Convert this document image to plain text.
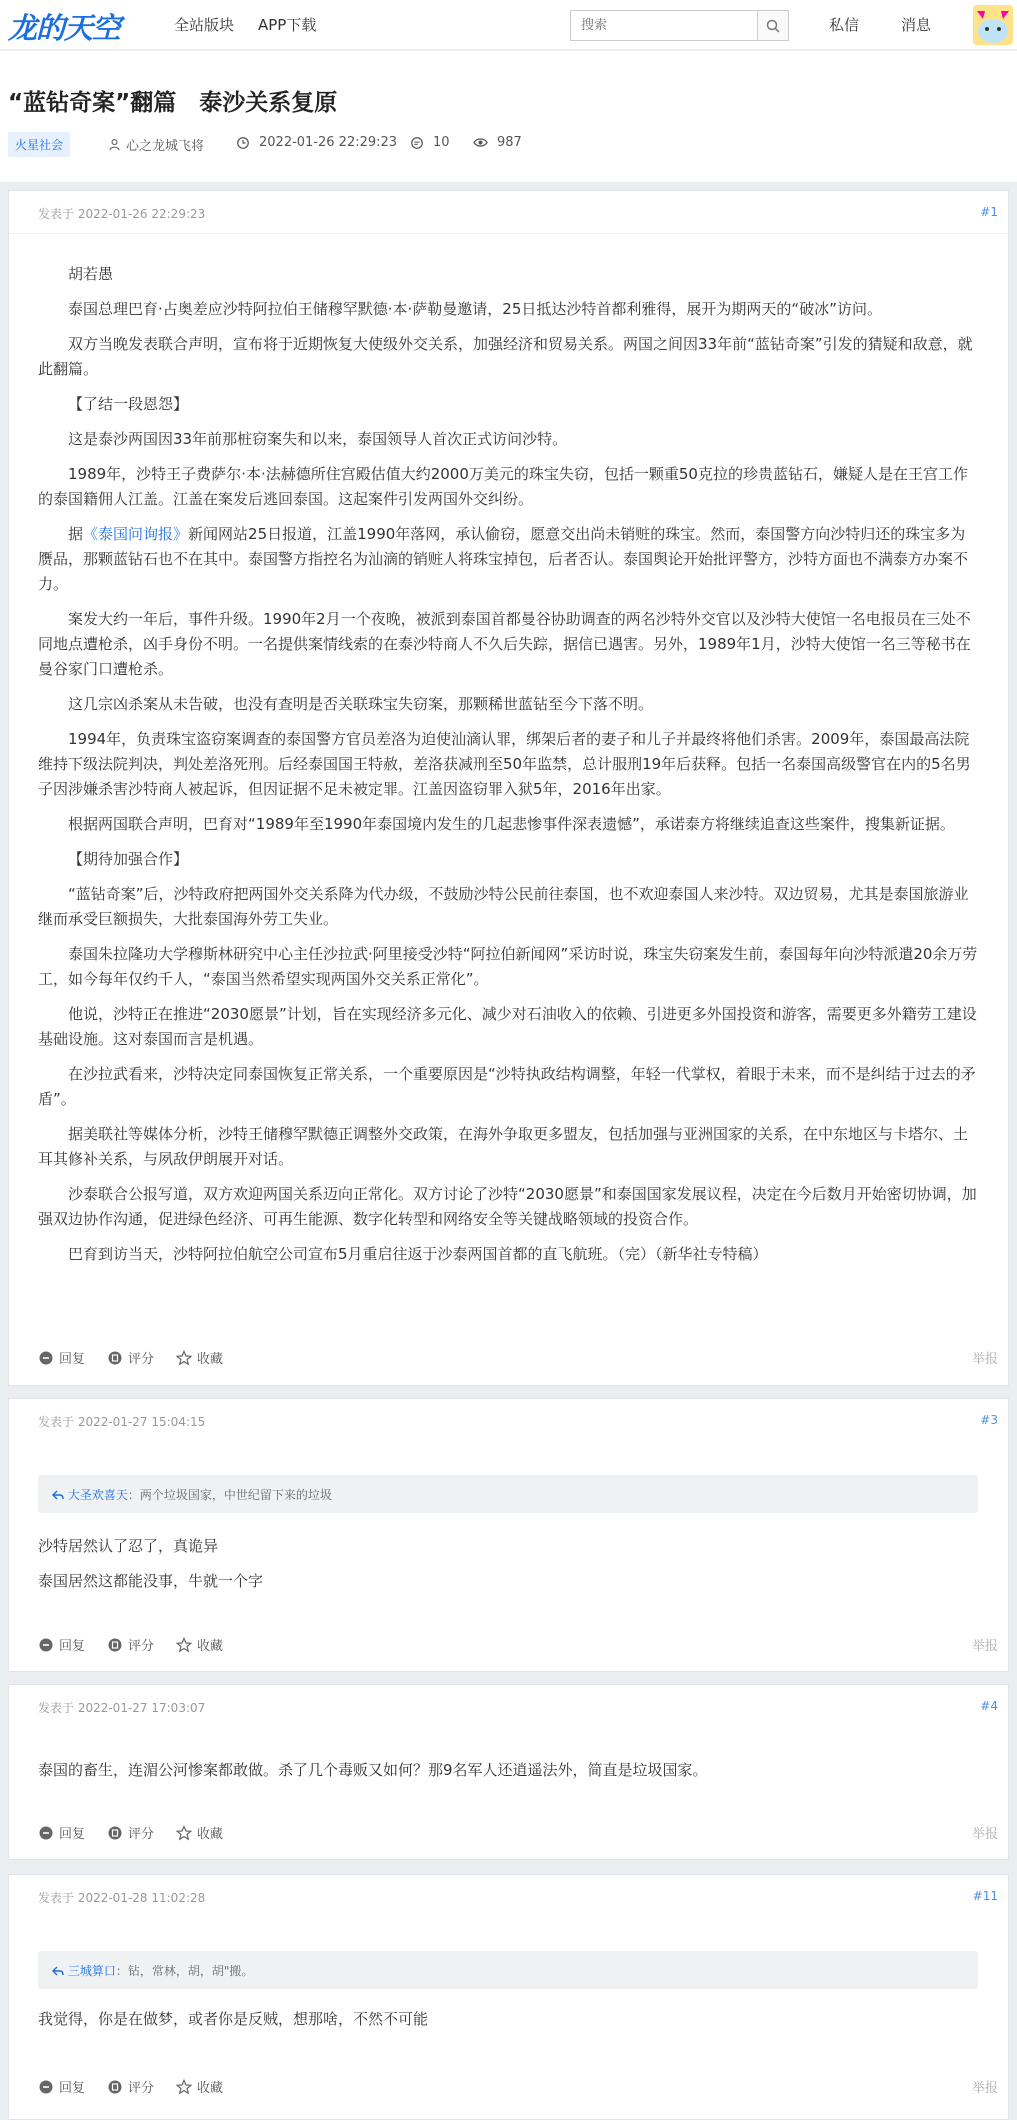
龙的天空	全站版块 APP下载
搜索	私信	消息
“蓝钻奇案”翻篇　泰沙关系复原
火星社会	心之龙城飞将	2022-01-26 22:29:23	10	987
发表于 2022-01-26 22:29:23	#1

胡若愚

泰国总理巴育·占奥差应沙特阿拉伯王储穆罕默德·本·萨勒曼邀请，25日抵达沙特首都利雅得，展开为期两天的“破冰”访问。

双方当晚发表联合声明，宣布将于近期恢复大使级外交关系，加强经济和贸易关系。两国之间因33年前“蓝钻奇案”引发的猜疑和敌意，就此翻篇。

【了结一段恩怨】

这是泰沙两国因33年前那桩窃案失和以来，泰国领导人首次正式访问沙特。

1989年，沙特王子费萨尔·本·法赫德所住宫殿估值大约2000万美元的珠宝失窃，包括一颗重50克拉的珍贵蓝钻石，嫌疑人是在王宫工作的泰国籍佣人江盖。江盖在案发后逃回泰国。这起案件引发两国外交纠纷。

据《泰国问询报》新闻网站25日报道，江盖1990年落网，承认偷窃，愿意交出尚未销赃的珠宝。然而，泰国警方向沙特归还的珠宝多为赝品，那颗蓝钻石也不在其中。泰国警方指控名为汕滴的销赃人将珠宝掉包，后者否认。泰国舆论开始批评警方，沙特方面也不满泰方办案不力。

案发大约一年后，事件升级。1990年2月一个夜晚，被派到泰国首都曼谷协助调查的两名沙特外交官以及沙特大使馆一名电报员在三处不同地点遭枪杀，凶手身份不明。一名提供案情线索的在泰沙特商人不久后失踪，据信已遇害。另外，1989年1月，沙特大使馆一名三等秘书在曼谷家门口遭枪杀。

这几宗凶杀案从未告破，也没有查明是否关联珠宝失窃案，那颗稀世蓝钻至今下落不明。

1994年，负责珠宝盗窃案调查的泰国警方官员差洛为迫使汕滴认罪，绑架后者的妻子和儿子并最终将他们杀害。2009年，泰国最高法院维持下级法院判决，判处差洛死刑。后经泰国国王特赦，差洛获减刑至50年监禁，总计服刑19年后获释。包括一名泰国高级警官在内的5名男子因涉嫌杀害沙特商人被起诉，但因证据不足未被定罪。江盖因盗窃罪入狱5年，2016年出家。

根据两国联合声明，巴育对“1989年至1990年泰国境内发生的几起悲惨事件深表遗憾”，承诺泰方将继续追查这些案件，搜集新证据。

【期待加强合作】

“蓝钻奇案”后，沙特政府把两国外交关系降为代办级，不鼓励沙特公民前往泰国，也不欢迎泰国人来沙特。双边贸易，尤其是泰国旅游业继而承受巨额损失，大批泰国海外劳工失业。

泰国朱拉隆功大学穆斯林研究中心主任沙拉武·阿里接受沙特“阿拉伯新闻网”采访时说，珠宝失窃案发生前，泰国每年向沙特派遣20余万劳工，如今每年仅约千人，“泰国当然希望实现两国外交关系正常化”。

他说，沙特正在推进“2030愿景”计划，旨在实现经济多元化、减少对石油收入的依赖、引进更多外国投资和游客，需要更多外籍劳工建设基础设施。这对泰国而言是机遇。

在沙拉武看来，沙特决定同泰国恢复正常关系，一个重要原因是“沙特执政结构调整，年轻一代掌权，着眼于未来，而不是纠结于过去的矛盾”。

据美联社等媒体分析，沙特王储穆罕默德正调整外交政策，在海外争取更多盟友，包括加强与亚洲国家的关系，在中东地区与卡塔尔、土耳其修补关系，与夙敌伊朗展开对话。

沙泰联合公报写道，双方欢迎两国关系迈向正常化。双方讨论了沙特“2030愿景”和泰国国家发展议程，决定在今后数月开始密切协调，加强双边协作沟通，促进绿色经济、可再生能源、数字化转型和网络安全等关键战略领域的投资合作。

巴育到访当天，沙特阿拉伯航空公司宣布5月重启往返于沙泰两国首都的直飞航班。（完）（新华社专特稿）

回复	评分	收藏	举报
发表于 2022-01-27 15:04:15	#3
大圣欢喜天：两个垃圾国家，中世纪留下来的垃圾

沙特居然认了忍了，真诡异

泰国居然这都能没事，牛就一个字

回复	评分	收藏	举报
发表于 2022-01-27 17:03:07	#4

泰国的畜生，连湄公河惨案都敢做。杀了几个毒贩又如何？那9名军人还逍遥法外，简直是垃圾国家。

回复	评分	收藏	举报
发表于 2022-01-28 11:02:28	#11
三城算口：钻，常林，胡，胡"搬。

我觉得，你是在做梦，或者你是反贼，想那啥，不然不可能

回复	评分	收藏	举报
